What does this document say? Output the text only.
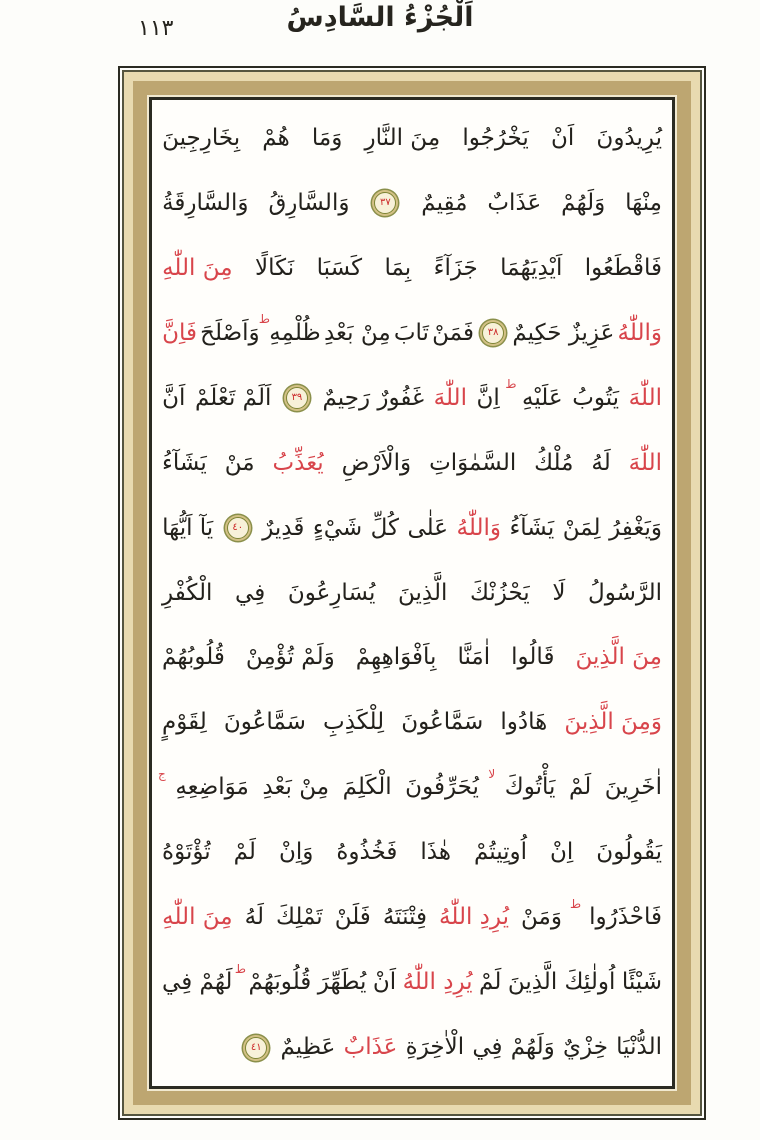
اَلْجُزْءُ السَّادِسُ
١١٣
يُرِيدُونَ
اَنْ
يَخْرُجُوا
مِنَ النَّارِ
وَمَا
هُمْ
بِخَارِجِينَ
مِنْهَا
وَلَهُمْ
عَذَابٌ
مُقِيمٌ
٣٧
وَالسَّارِقُ
وَالسَّارِقَةُ
فَاقْطَعُوا
اَيْدِيَهُمَا
جَزَآءً
بِمَا
كَسَبَا
نَكَالًا
مِنَ اللّٰهِ
وَاللّٰهُ
عَزِيزٌ حَكِيمٌ
٣٨
فَمَنْ
تَابَ
مِنْ بَعْدِ
ظُلْمِهِ
ط
وَاَصْلَحَ
فَاِنَّ
اللّٰهَ
يَتُوبُ
عَلَيْهِ
ط
اِنَّ
اللّٰهَ
غَفُورٌ رَحِيمٌ
٣٩
اَلَمْ تَعْلَمْ
اَنَّ
اللّٰهَ
لَهُ
مُلْكُ
السَّمٰوَاتِ
وَالْاَرْضِ
يُعَذِّبُ
مَنْ
يَشَآءُ
وَيَغْفِرُ
لِمَنْ
يَشَآءُ
وَاللّٰهُ
عَلٰى
كُلِّ
شَيْءٍ
قَدِيرٌ
٤٠
يَآ اَيُّهَا
الرَّسُولُ
لَا
يَحْزُنْكَ
الَّذِينَ
يُسَارِعُونَ
فِي
الْكُفْرِ
مِنَ الَّذِينَ
قَالُوا
اٰمَنَّا
بِاَفْوَاهِهِمْ
وَلَمْ تُؤْمِنْ
قُلُوبُهُمْ
وَمِنَ الَّذِينَ
هَادُوا
سَمَّاعُونَ
لِلْكَذِبِ
سَمَّاعُونَ
لِقَوْمٍ
اٰخَرِينَ
لَمْ
يَأْتُوكَ
لا
يُحَرِّفُونَ
الْكَلِمَ
مِنْ بَعْدِ
مَوَاضِعِهِ
ج
يَقُولُونَ
اِنْ
اُوتِيتُمْ
هٰذَا
فَخُذُوهُ
وَاِنْ
لَمْ
تُؤْتَوْهُ
فَاحْذَرُوا
ط
وَمَنْ
يُرِدِ اللّٰهُ
فِتْنَتَهُ
فَلَنْ
تَمْلِكَ
لَهُ
مِنَ اللّٰهِ
شَيْئًا
اُولٰئِكَ الَّذِينَ
لَمْ
يُرِدِ اللّٰهُ
اَنْ
يُطَهِّرَ
قُلُوبَهُمْ
ط
لَهُمْ فِي
الدُّنْيَا
خِزْيٌ
وَلَهُمْ
فِي
الْاٰخِرَةِ
عَذَابٌ
عَظِيمٌ
٤١
